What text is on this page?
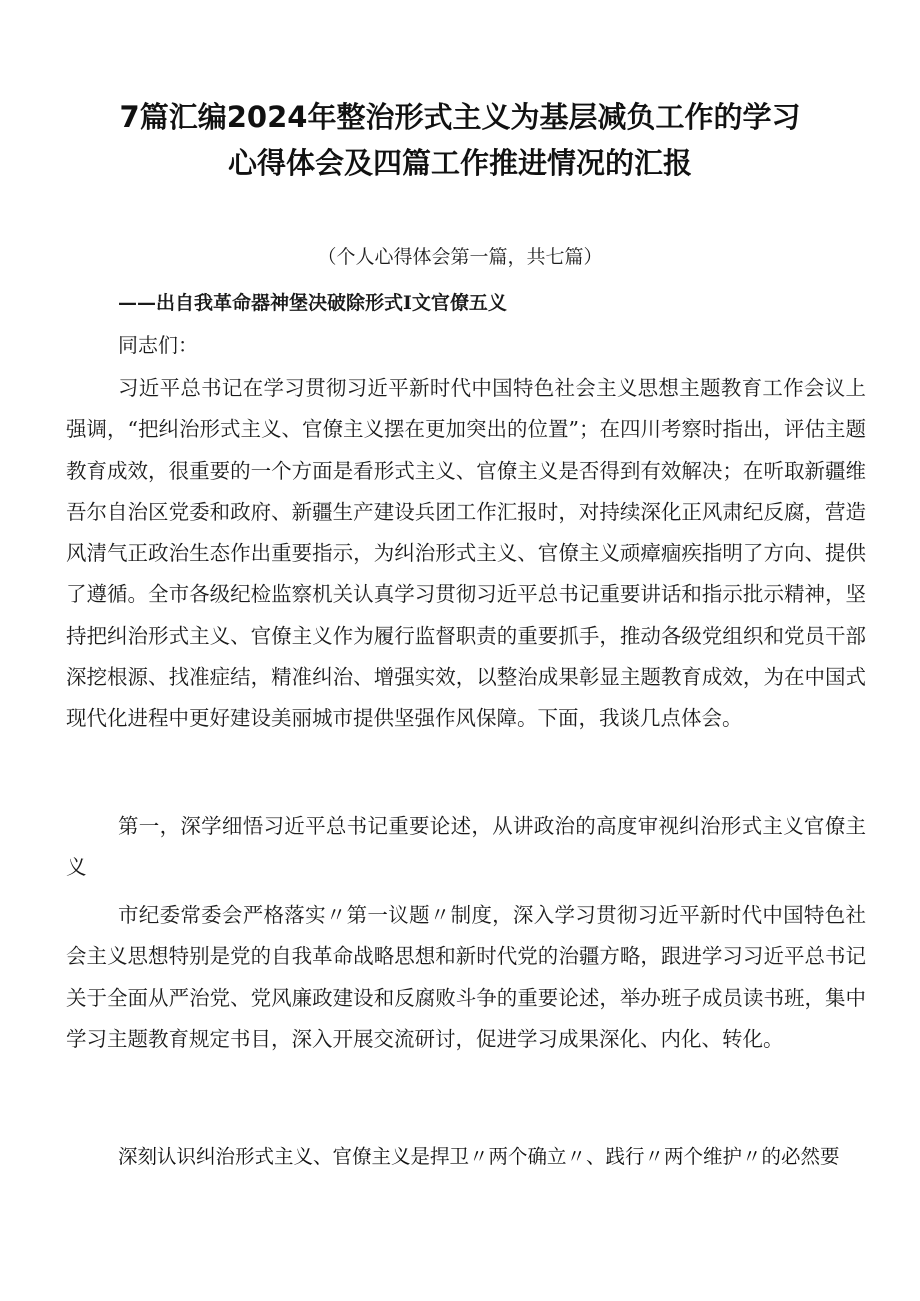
7篇汇编2024年整治形式主义为基层减负工作的学习
心得体会及四篇工作推进情况的汇报
（个人心得体会第一篇，共七篇）
——出自我革命器神堡决破除形式Ⅰ文官僚五义
同志们：

习近平总书记在学习贯彻习近平新时代中国特色社会主义思想主题教育工作会议上强调，“把纠治形式主义、官僚主义摆在更加突出的位置”；在四川考察时指出，评估主题教育成效，很重要的一个方面是看形式主义、官僚主义是否得到有效解决；在听取新疆维吾尔自治区党委和政府、新疆生产建设兵团工作汇报时，对持续深化正风肃纪反腐，营造风清气正政治生态作出重要指示，为纠治形式主义、官僚主义顽瘴痼疾指明了方向、提供了遵循。全市各级纪检监察机关认真学习贯彻习近平总书记重要讲话和指示批示精神，坚持把纠治形式主义、官僚主义作为履行监督职责的重要抓手，推动各级党组织和党员干部深挖根源、找准症结，精准纠治、增强实效，以整治成果彰显主题教育成效，为在中国式现代化进程中更好建设美丽城市提供坚强作风保障。下面，我谈几点体会。

第一，深学细悟习近平总书记重要论述，从讲政治的高度审视纠治形式主义官僚主义

市纪委常委会严格落实〃第一议题〃制度，深入学习贯彻习近平新时代中国特色社会主义思想特别是党的自我革命战略思想和新时代党的治疆方略，跟进学习习近平总书记关于全面从严治党、党风廉政建设和反腐败斗争的重要论述，举办班子成员读书班，集中学习主题教育规定书目，深入开展交流研讨，促进学习成果深化、内化、转化。

深刻认识纠治形式主义、官僚主义是捍卫〃两个确立〃、践行〃两个维护〃的必然要
